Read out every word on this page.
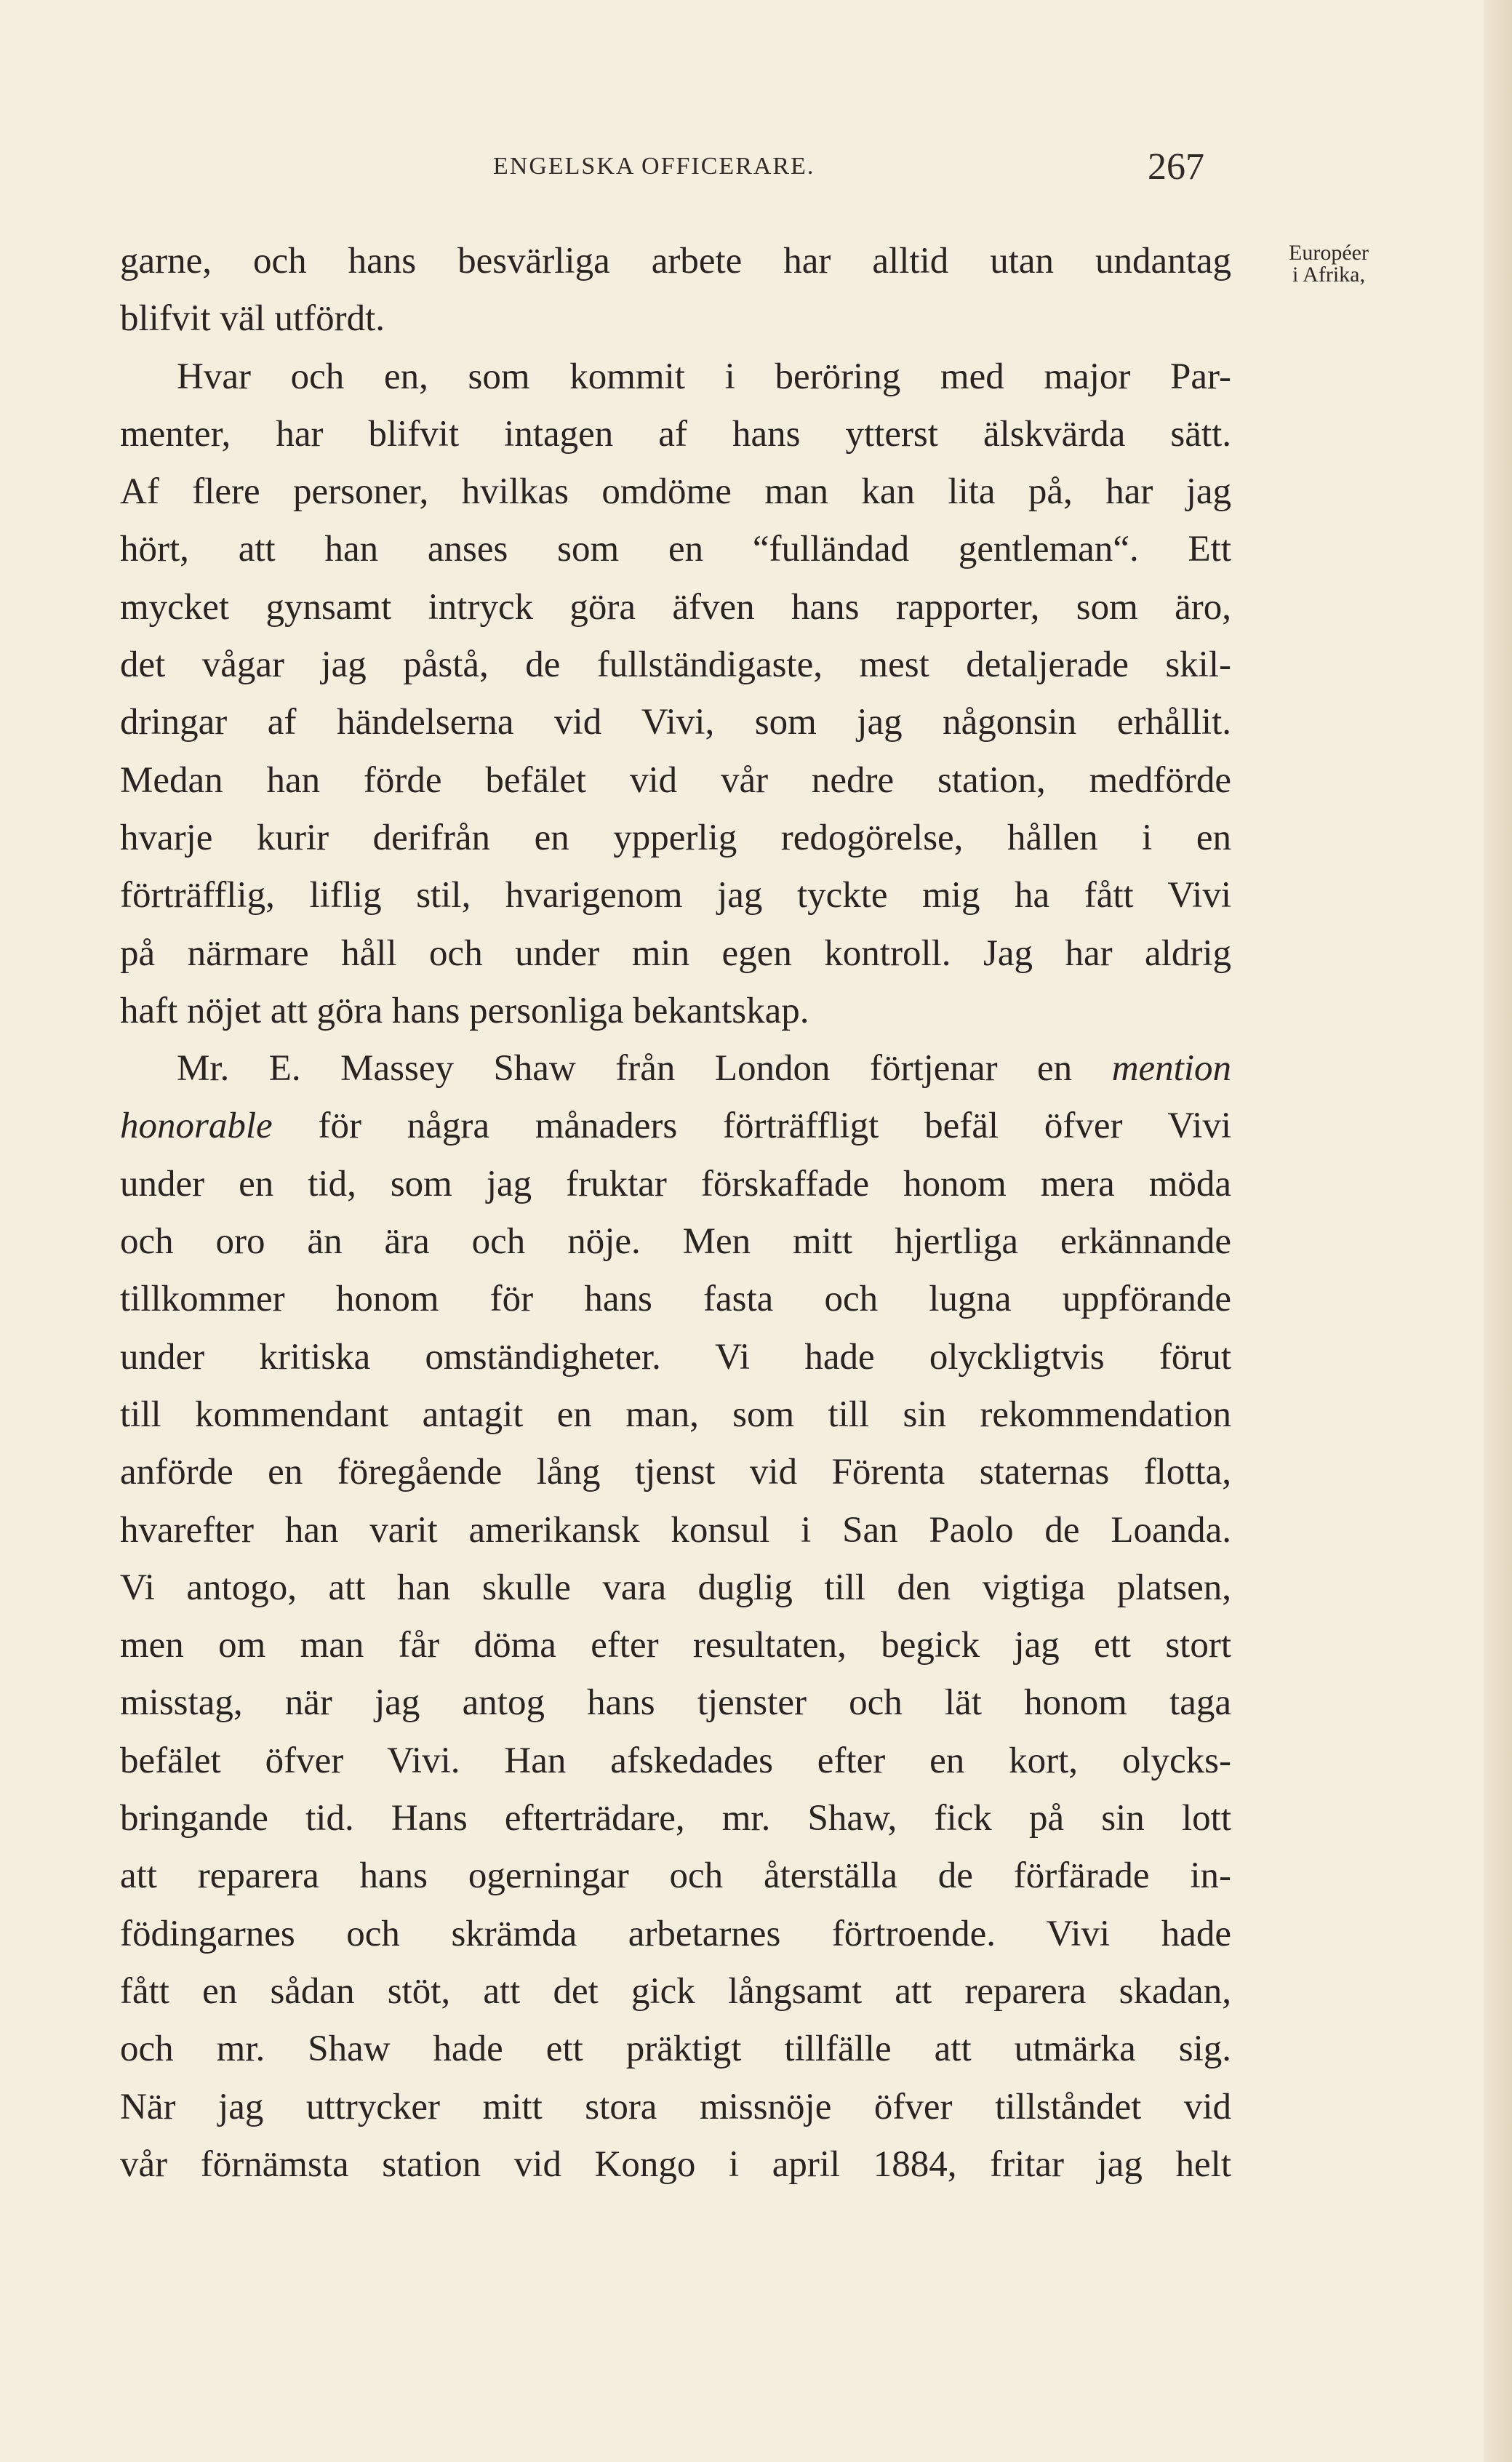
ENGELSKA OFFICERARE.	267
Européer
i Afrika,
garne, och hans besvärliga arbete har alltid utan undantag
blifvit väl utfördt.
Hvar och en, som kommit i beröring med major Par-
menter, har blifvit intagen af hans ytterst älskvärda sätt.
Af flere personer, hvilkas omdöme man kan lita på, har jag
hört, att han anses som en “fulländad gentleman“. Ett
mycket gynsamt intryck göra äfven hans rapporter, som äro,
det vågar jag påstå, de fullständigaste, mest detaljerade skil-
dringar af händelserna vid Vivi, som jag någonsin erhållit.
Medan han förde befälet vid vår nedre station, medförde
hvarje kurir derifrån en ypperlig redogörelse, hållen i en
förträfflig, liflig stil, hvarigenom jag tyckte mig ha fått Vivi
på närmare håll och under min egen kontroll. Jag har aldrig
haft nöjet att göra hans personliga bekantskap.
Mr. E. Massey Shaw från London förtjenar en mention
honorable för några månaders förträffligt befäl öfver Vivi
under en tid, som jag fruktar förskaffade honom mera möda
och oro än ära och nöje. Men mitt hjertliga erkännande
tillkommer honom för hans fasta och lugna uppförande
under kritiska omständigheter. Vi hade olyckligtvis förut
till kommendant antagit en man, som till sin rekommendation
anförde en föregående lång tjenst vid Förenta staternas flotta,
hvarefter han varit amerikansk konsul i San Paolo de Loanda.
Vi antogo, att han skulle vara duglig till den vigtiga platsen,
men om man får döma efter resultaten, begick jag ett stort
misstag, när jag antog hans tjenster och lät honom taga
befälet öfver Vivi. Han afskedades efter en kort, olycks-
bringande tid. Hans efterträdare, mr. Shaw, fick på sin lott
att reparera hans ogerningar och återställa de förfärade in-
födingarnes och skrämda arbetarnes förtroende. Vivi hade
fått en sådan stöt, att det gick långsamt att reparera skadan,
och mr. Shaw hade ett präktigt tillfälle att utmärka sig.
När jag uttrycker mitt stora missnöje öfver tillståndet vid
vår förnämsta station vid Kongo i april 1884, fritar jag helt
